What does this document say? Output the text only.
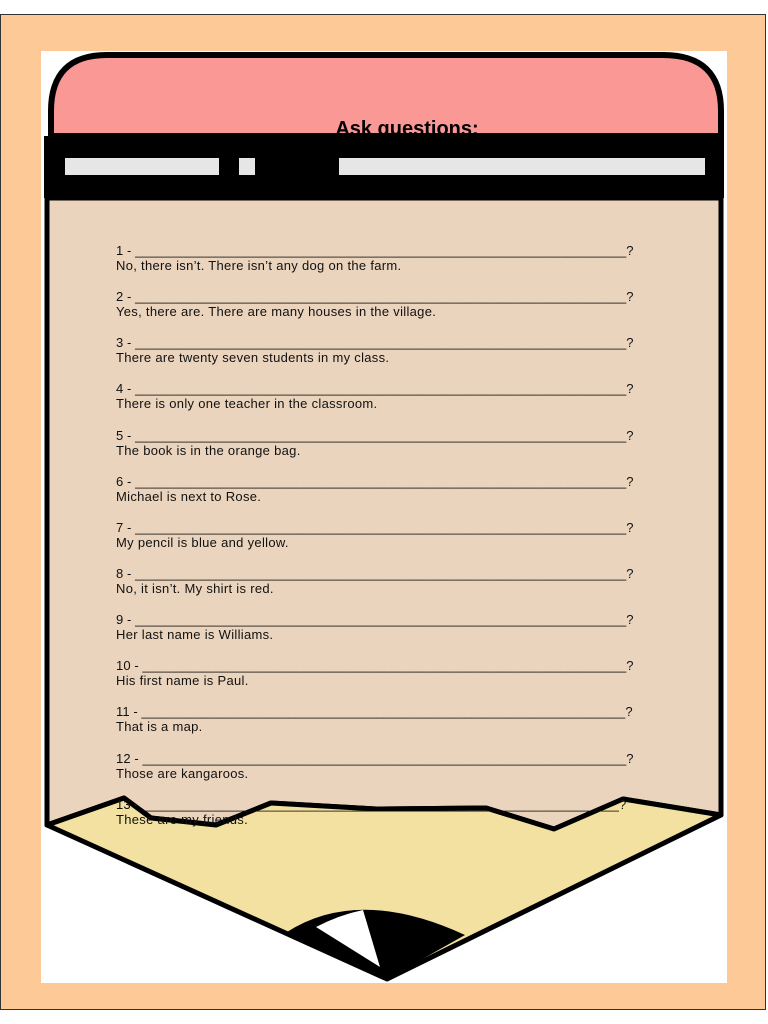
Ask questions:
1 - ___________________________________________________________________?
No, there isn’t. There isn’t any dog on the farm.
2 - ___________________________________________________________________?
Yes, there are. There are many houses in the village.
3 - ___________________________________________________________________?
There are twenty seven students in my class.
4 - ___________________________________________________________________?
There is only one teacher in the classroom.
5 - ___________________________________________________________________?
The book is in the orange bag.
6 - ___________________________________________________________________?
Michael is next to Rose.
7 - ___________________________________________________________________?
My pencil is blue and yellow.
8 - ___________________________________________________________________?
No, it isn’t. My shirt is red.
9 - ___________________________________________________________________?
Her last name is Williams.
10 - __________________________________________________________________?
His first name is Paul.
11 - __________________________________________________________________?
That is a map.
12 - __________________________________________________________________?
Those are kangaroos.
13 - _________________________________________________________________?
These are my friends.
